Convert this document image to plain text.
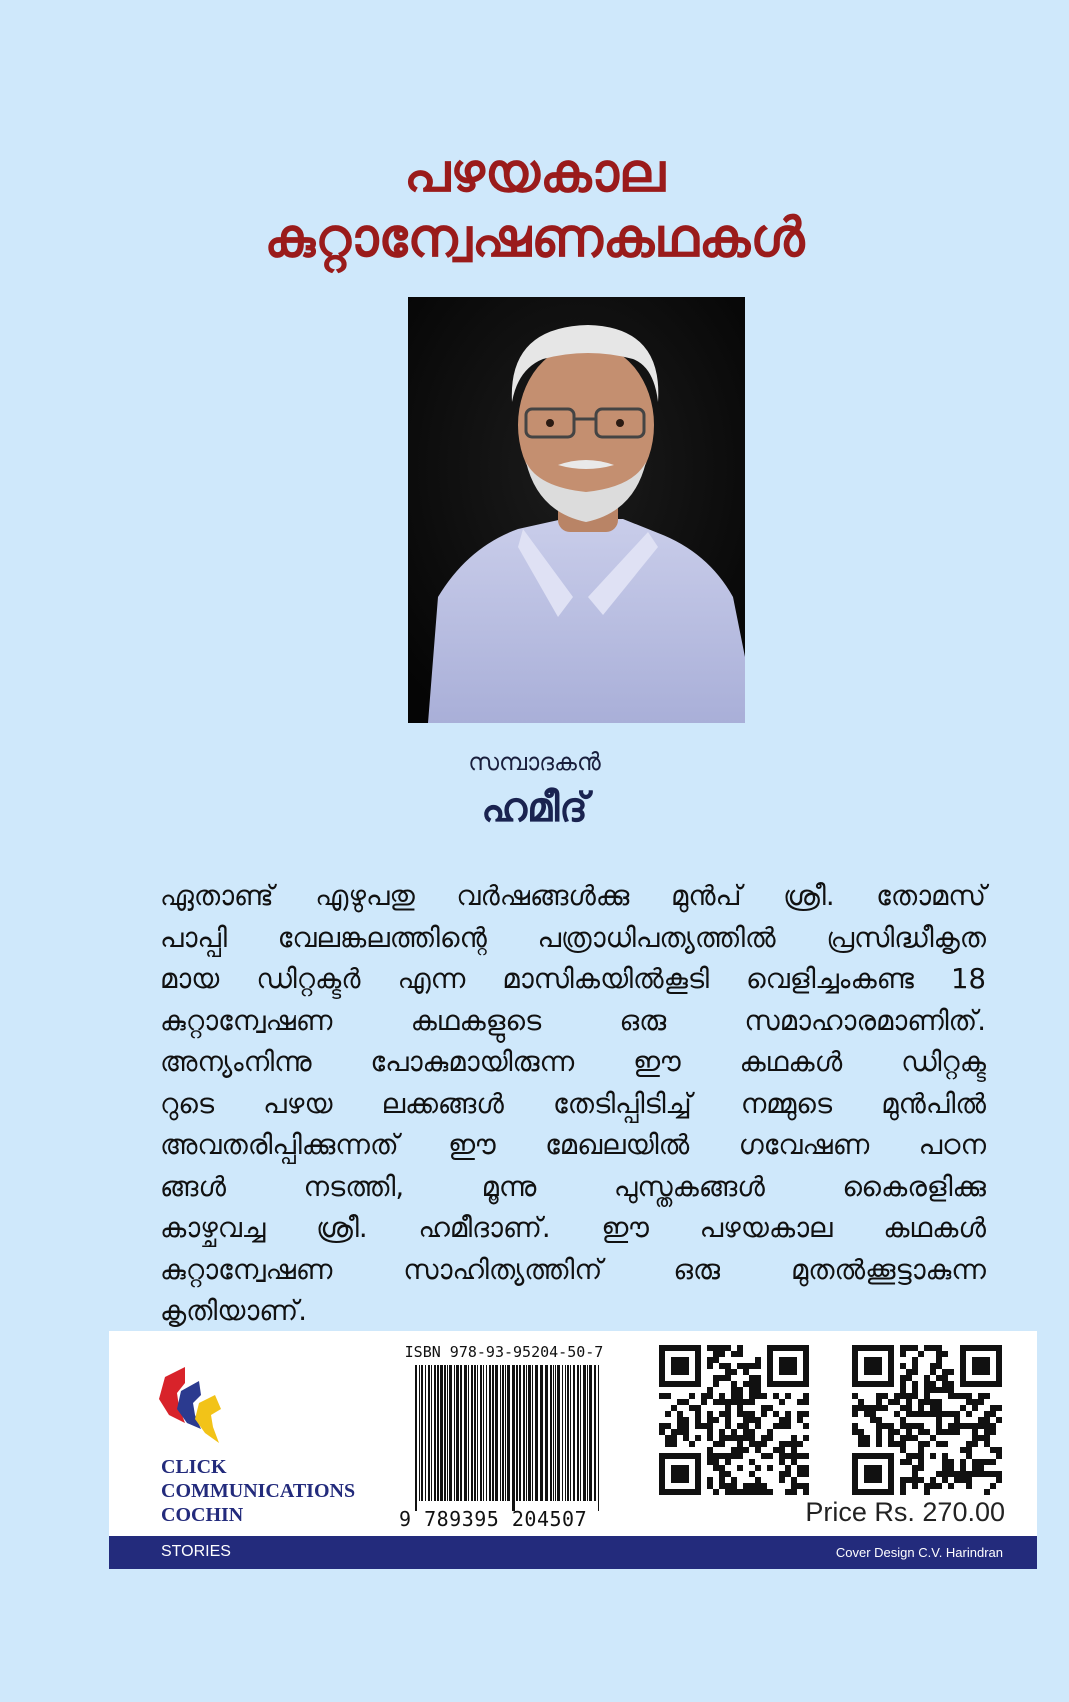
പഴയകാല
കുറ്റാന്വേഷണകഥകൾ
സമ്പാദകൻ
ഹമീദ്

ഏതാണ്ട് എഴുപതു വർഷങ്ങൾക്കു മുൻപ് ശ്രീ. തോമസ്
പാപ്പി വേലങ്കലത്തിന്റെ പത്രാധിപത്യത്തിൽ പ്രസിദ്ധീകൃത
മായ ഡിറ്റക്ടർ എന്ന മാസികയിൽകൂടി വെളിച്ചംകണ്ട 18
കുറ്റാന്വേഷണ കഥകളുടെ ഒരു സമാഹാരമാണിത്.
അന്യംനിന്നു പോകുമായിരുന്ന ഈ കഥകൾ ഡിറ്റക്ട
റുടെ പഴയ ലക്കങ്ങൾ തേടിപ്പിടിച്ച് നമ്മുടെ മുൻപിൽ
അവതരിപ്പിക്കുന്നത് ഈ മേഖലയിൽ ഗവേഷണ പഠന
ങ്ങൾ നടത്തി, മൂന്നു പുസ്തകങ്ങൾ കൈരളിക്കു
കാഴ്ചവച്ച ശ്രീ. ഹമീദാണ്. ഈ പഴയകാല കഥകൾ
കുറ്റാന്വേഷണ സാഹിത്യത്തിന് ഒരു മുതൽക്കൂട്ടാകുന്ന
കൃതിയാണ്.

CLICK
COMMUNICATIONS
COCHIN

ISBN 978-93-95204-50-7
9 789395 204507	Price Rs. 270.00
STORIES	Cover Design C.V. Harindran
